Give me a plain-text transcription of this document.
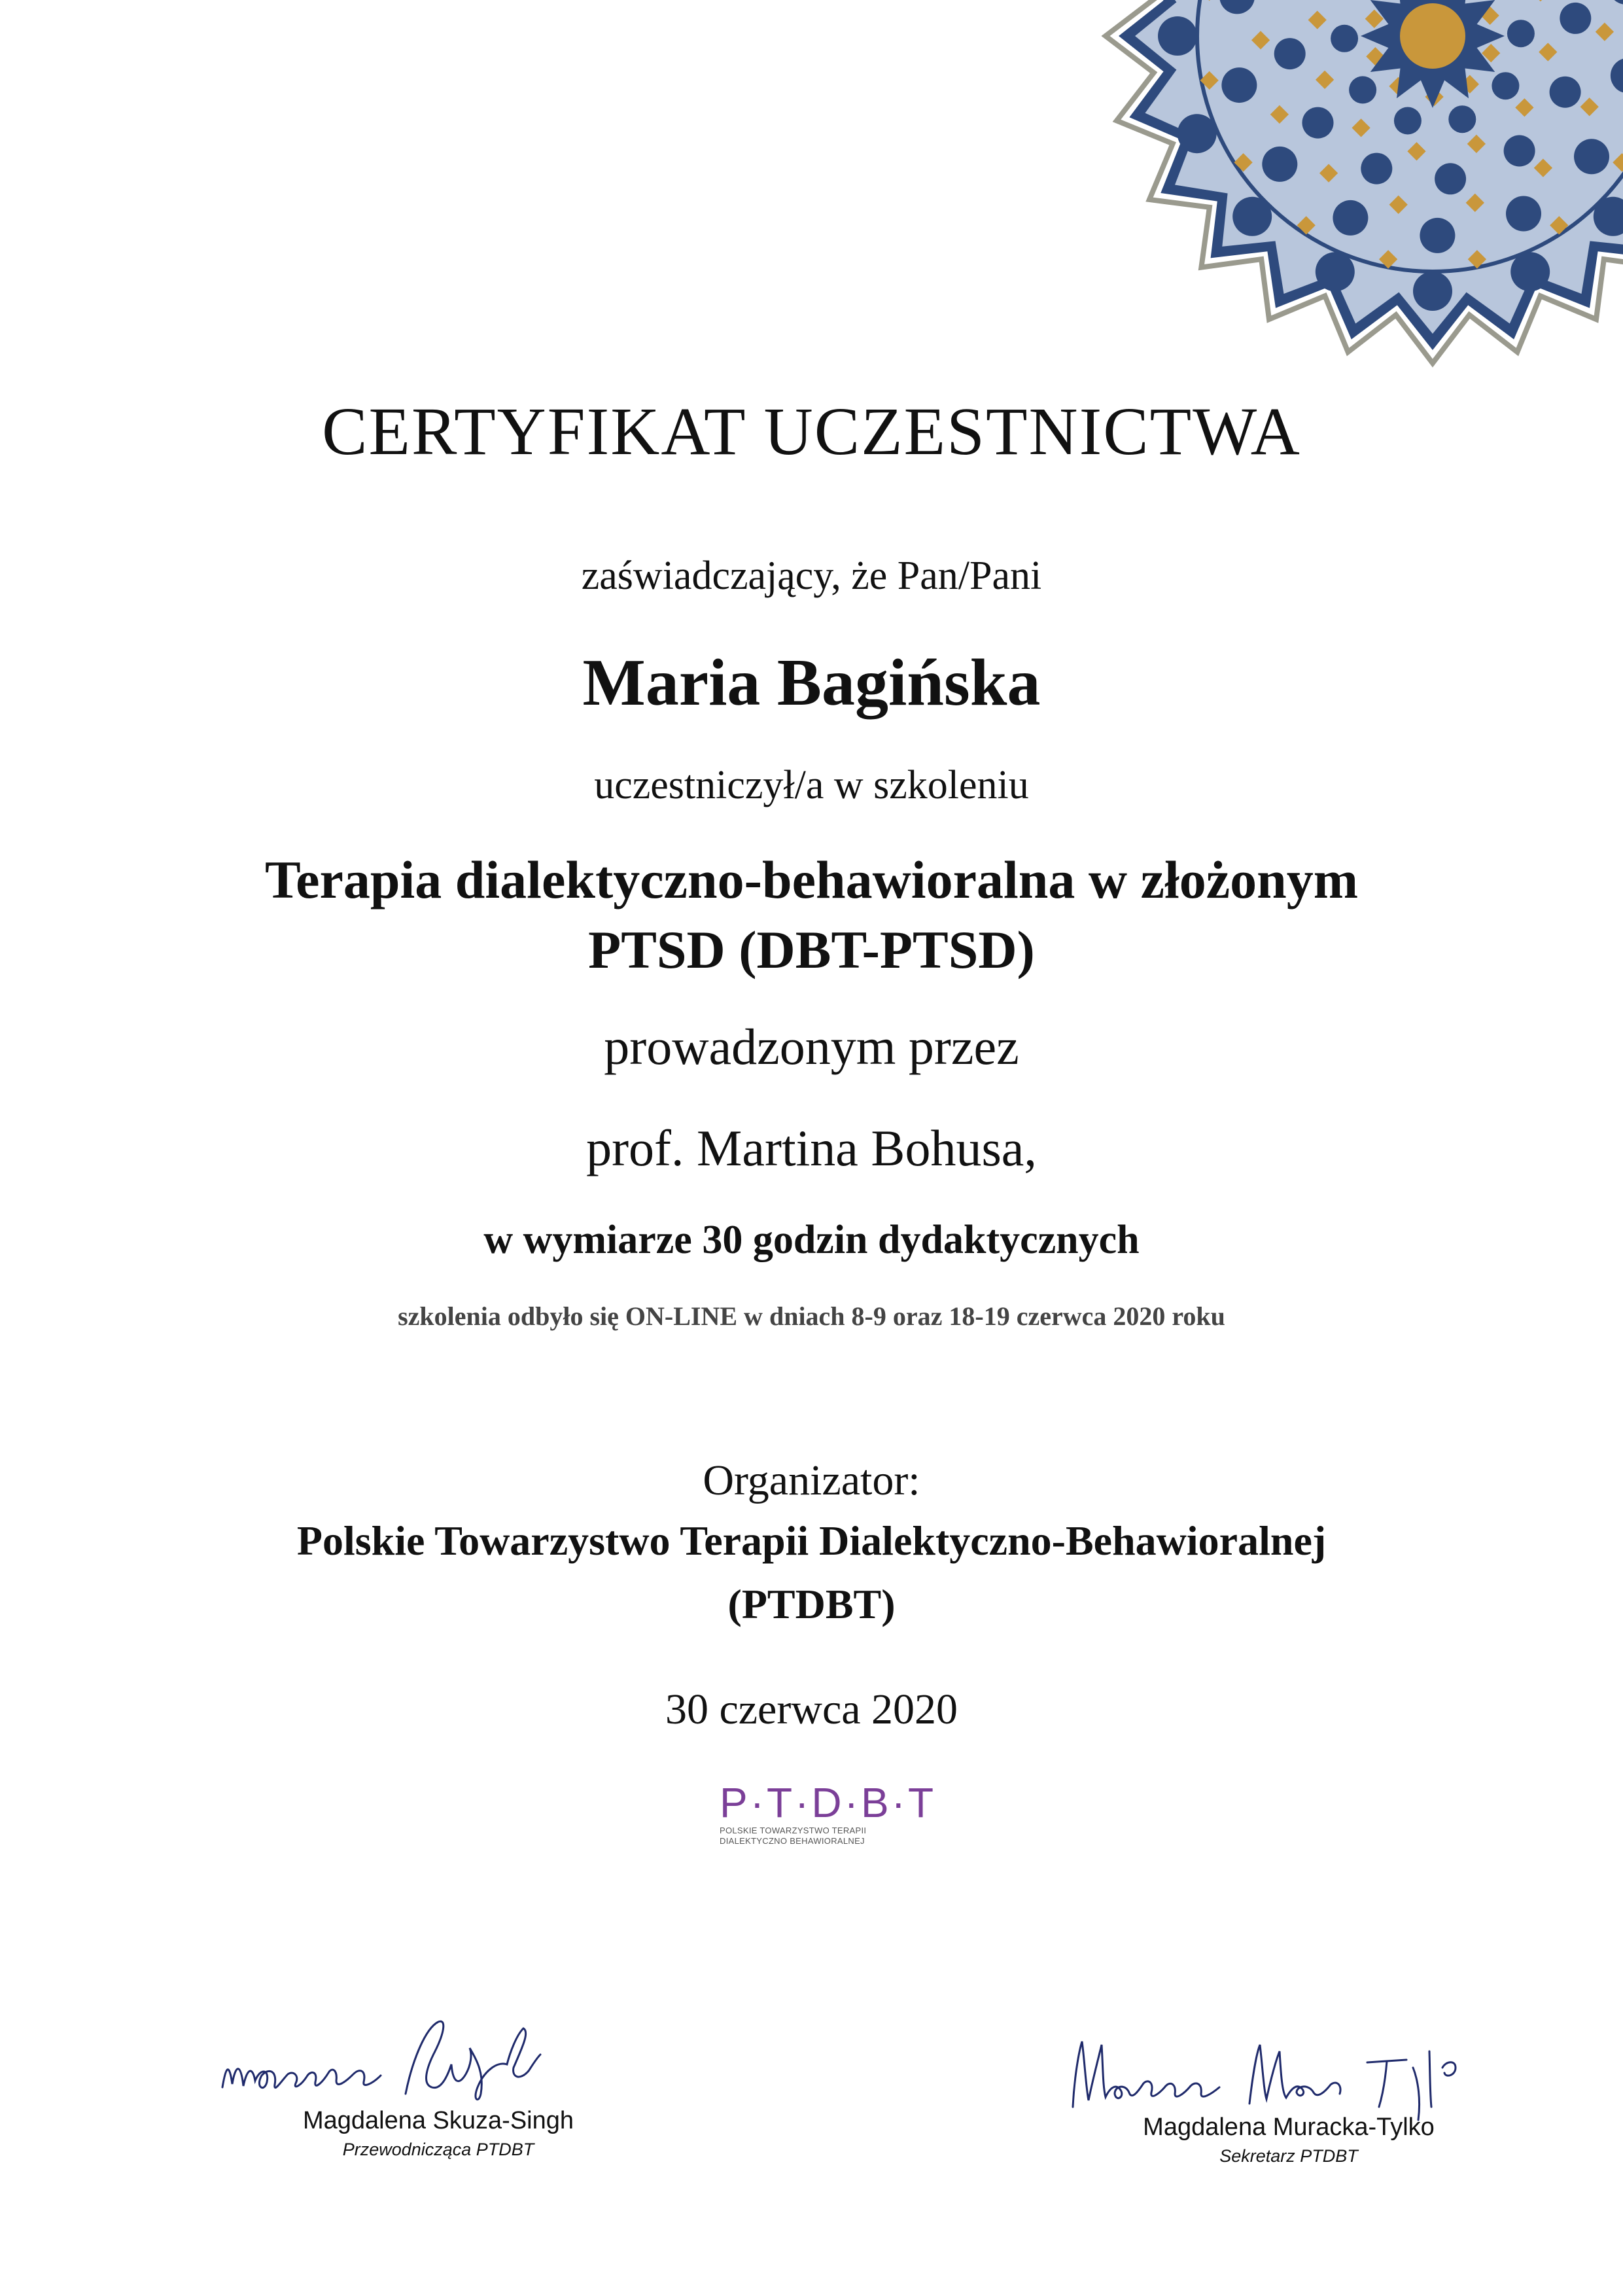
CERTYFIKAT UCZESTNICTWA
zaświadczający, że Pan/Pani
Maria Bagińska
uczestniczył/a w szkoleniu
Terapia dialektyczno-behawioralna w złożonym
PTSD (DBT-PTSD)
prowadzonym przez
prof. Martina Bohusa,
w wymiarze 30 godzin dydaktycznych
szkolenia odbyło się ON-LINE w dniach 8-9 oraz 18-19 czerwca 2020 roku
Organizator:
Polskie Towarzystwo Terapii Dialektyczno-Behawioralnej
(PTDBT)
30 czerwca 2020
P·T·D·B·T
POLSKIE TOWARZYSTWO TERAPII
DIALEKTYCZNO BEHAWIORALNEJ
Magdalena Skuza-Singh
Przewodnicząca PTDBT
Magdalena Muracka-Tylko
Sekretarz PTDBT
